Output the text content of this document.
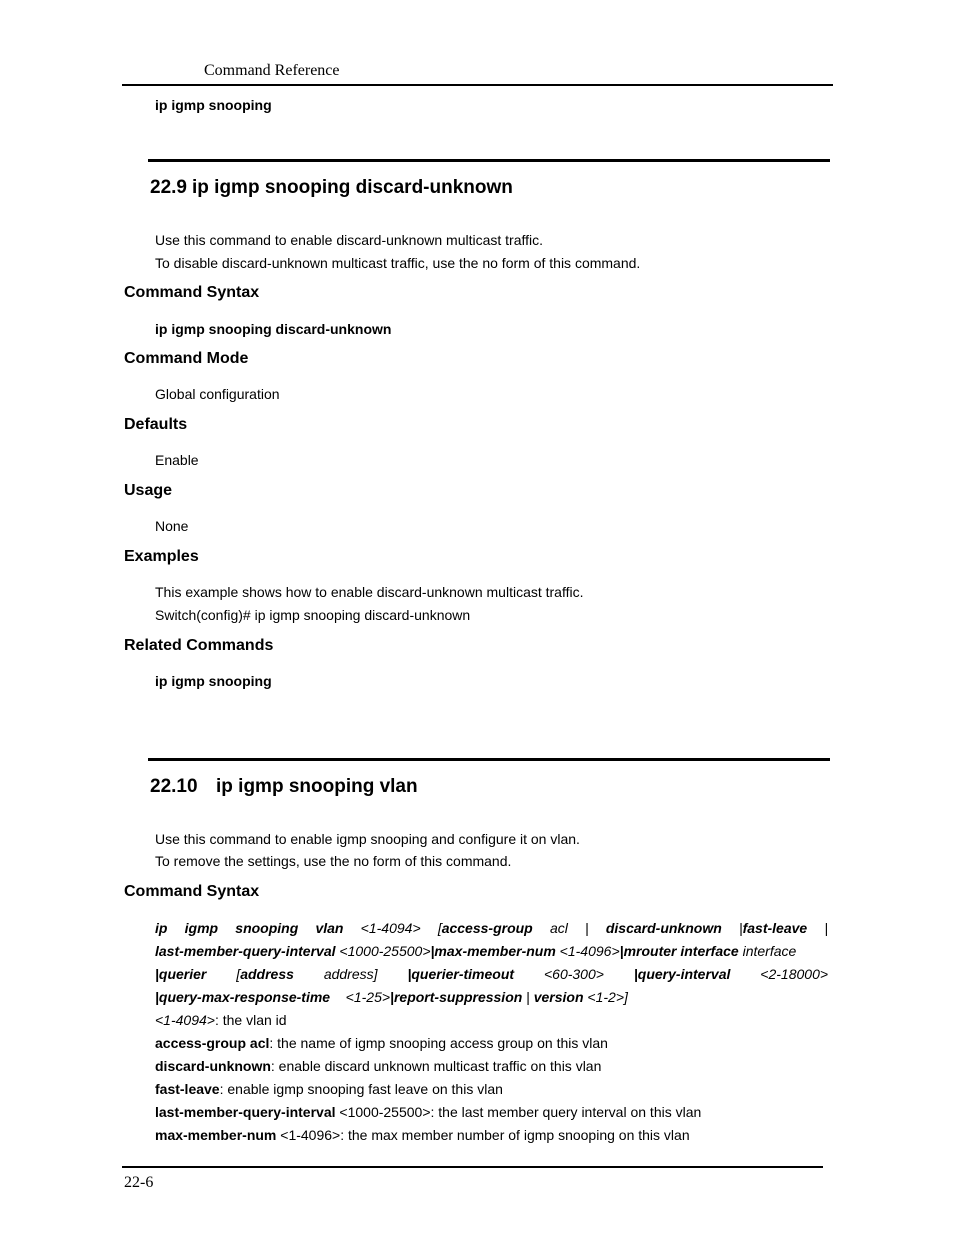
Command Reference
ip igmp snooping
22.9 ip igmp snooping discard-unknown
Use this command to enable discard-unknown multicast traffic.
To disable discard-unknown multicast traffic, use the no form of this command.
Command Syntax
ip igmp snooping discard-unknown
Command Mode
Global configuration
Defaults
Enable
Usage
None
Examples
This example shows how to enable discard-unknown multicast traffic.
Switch(config)# ip igmp snooping discard-unknown
Related Commands
ip igmp snooping
22.10 ip igmp snooping vlan
Use this command to enable igmp snooping and configure it on vlan.
To remove the settings, use the no form of this command.
Command Syntax
ip igmp snooping vlan <1-4094> [access-group acl | discard-unknown |fast-leave |
last-member-query-interval <1000-25500>|max-member-num <1-4096>|mrouter interface interface
|querier [address address] |querier-timeout <60-300> |query-interval <2-18000>
|query-max-response-time <1-25>|report-suppression | version <1-2>]
<1-4094>: the vlan id
access-group acl: the name of igmp snooping access group on this vlan
discard-unknown: enable discard unknown multicast traffic on this vlan
fast-leave: enable igmp snooping fast leave on this vlan
last-member-query-interval <1000-25500>: the last member query interval on this vlan
max-member-num <1-4096>: the max member number of igmp snooping on this vlan
22-6
